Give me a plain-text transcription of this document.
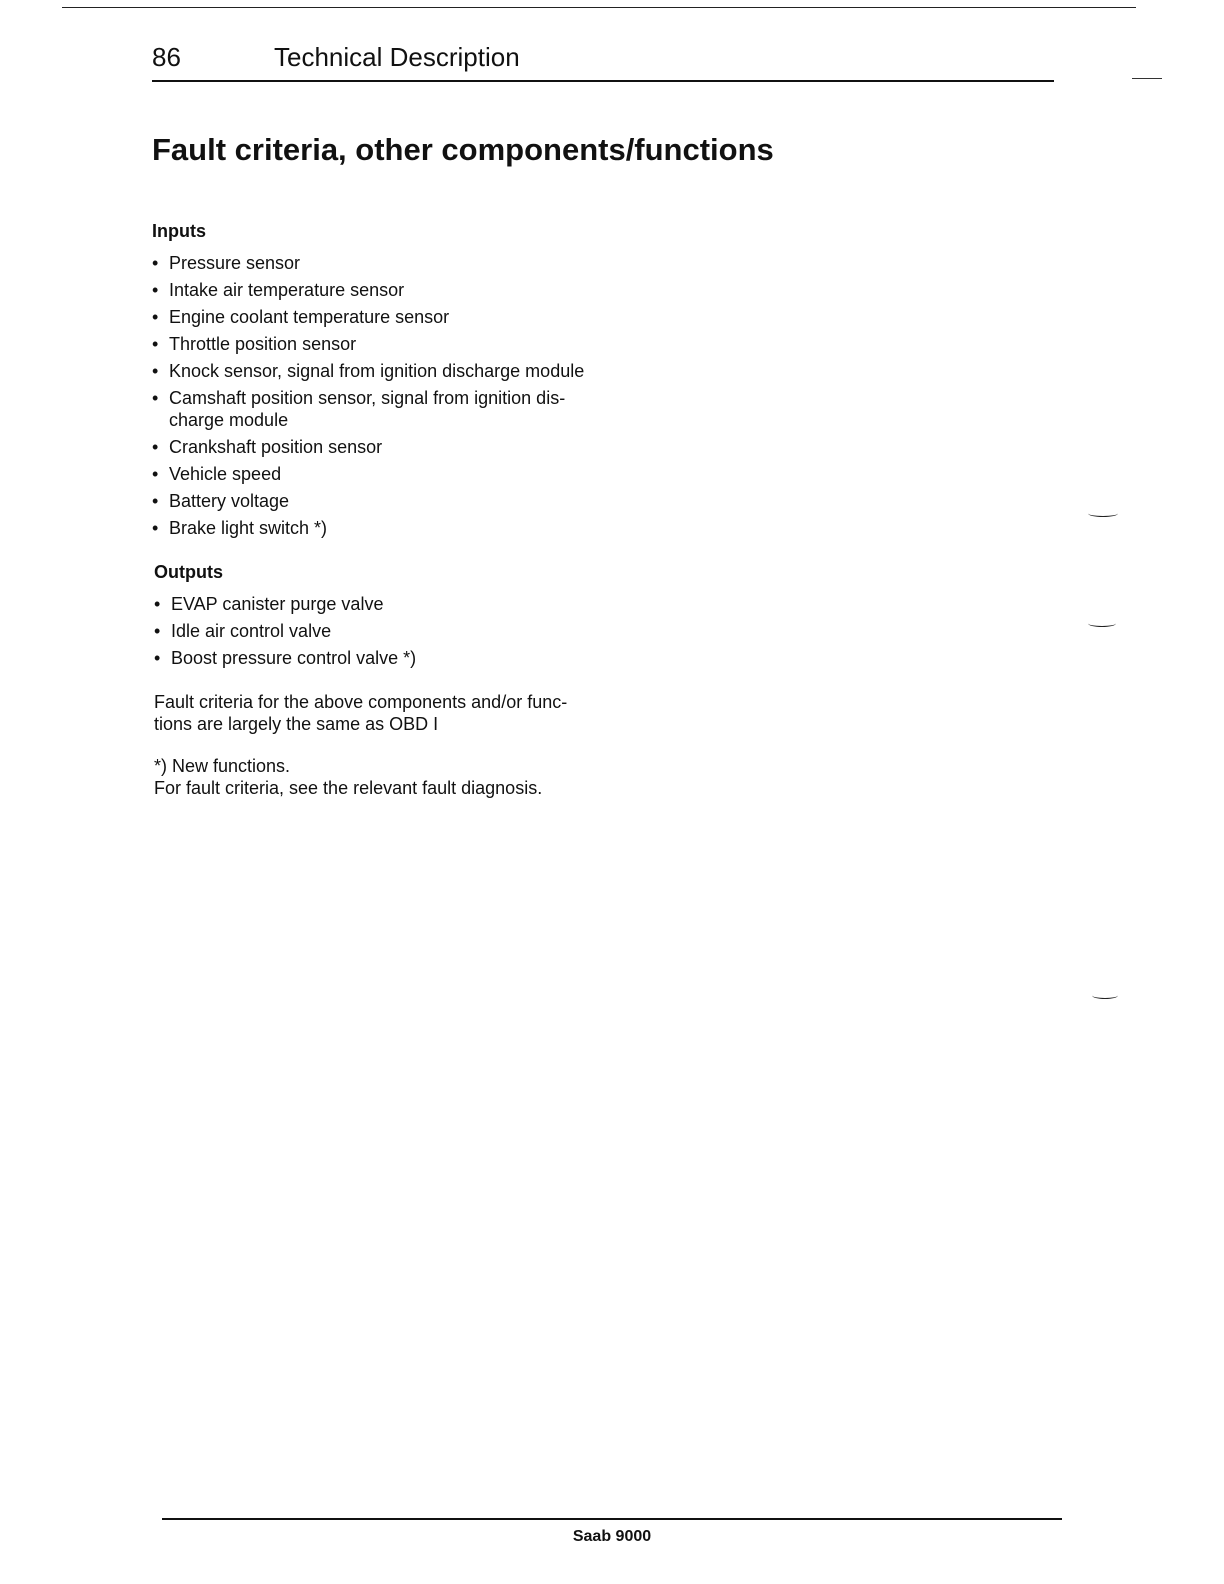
86	Technical Description
Fault criteria, other components/functions
Inputs
• Pressure sensor
• Intake air temperature sensor
• Engine coolant temperature sensor
• Throttle position sensor
• Knock sensor, signal from ignition discharge module
• Camshaft position sensor, signal from ignition dis-charge module
• Crankshaft position sensor
• Vehicle speed
• Battery voltage
• Brake light switch *)
Outputs
• EVAP canister purge valve
• Idle air control valve
• Boost pressure control valve *)

Fault criteria for the above components and/or func-tions are largely the same as OBD I

*) New functions.
For fault criteria, see the relevant fault diagnosis.

Saab 9000
